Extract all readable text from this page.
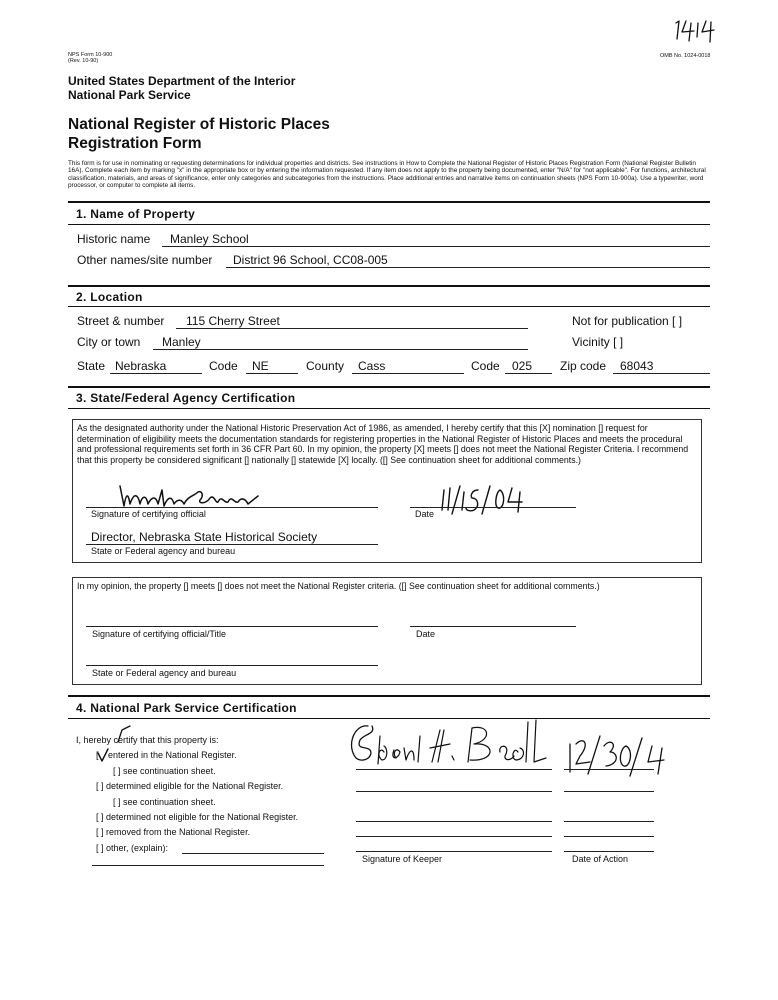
NPS Form 10-900
(Rev. 10-90)
OMB No. 1024-0018
United States Department of the Interior
National Park Service
National Register of Historic Places
Registration Form
This form is for use in nominating or requesting determinations for individual properties and districts. See instructions in How to Complete the National Register of Historic Places Registration Form (National Register Bulletin 16A). Complete each item by marking "x" in the appropriate box or by entering the information requested. If any item does not apply to the property being documented, enter "N/A" for "not applicable". For functions, architectural classification, materials, and areas of significance, enter only categories and subcategories from the instructions. Place additional entries and narrative items on continuation sheets (NPS Form 10-900a). Use a typewriter, word processor, or computer to complete all items.
1. Name of Property
Historic name Manley School
Other names/site number District 96 School, CC08-005
2. Location
Street & number 115 Cherry Street	Not for publication [ ]
City or town Manley	Vicinity [ ]
State Nebraska	Code NE	County Cass	Code 025 Zip code 68043
3. State/Federal Agency Certification
As the designated authority under the National Historic Preservation Act of 1986, as amended, I hereby certify that this [X] nomination [] request for determination of eligibility meets the documentation standards for registering properties in the National Register of Historic Places and meets the procedural and professional requirements set forth in 36 CFR Part 60. In my opinion, the property [X] meets [] does not meet the National Register Criteria. I recommend that this property be considered significant [] nationally [] statewide [X] locally. ([] See continuation sheet for additional comments.)
Signature of certifying official	Date
Director, Nebraska State Historical Society
State or Federal agency and bureau
In my opinion, the property [] meets [] does not meet the National Register criteria. ([] See continuation sheet for additional comments.)
Signature of certifying official/Title	Date
State or Federal agency and bureau
4. National Park Service Certification
I, hereby certify that this property is:
[ entered in the National Register.
[ ] see continuation sheet.
[ ] determined eligible for the National Register.
[ ] see continuation sheet.
[ ] determined not eligible for the National Register.
[ ] removed from the National Register.
[ ] other, (explain):
Signature of Keeper	Date of Action
